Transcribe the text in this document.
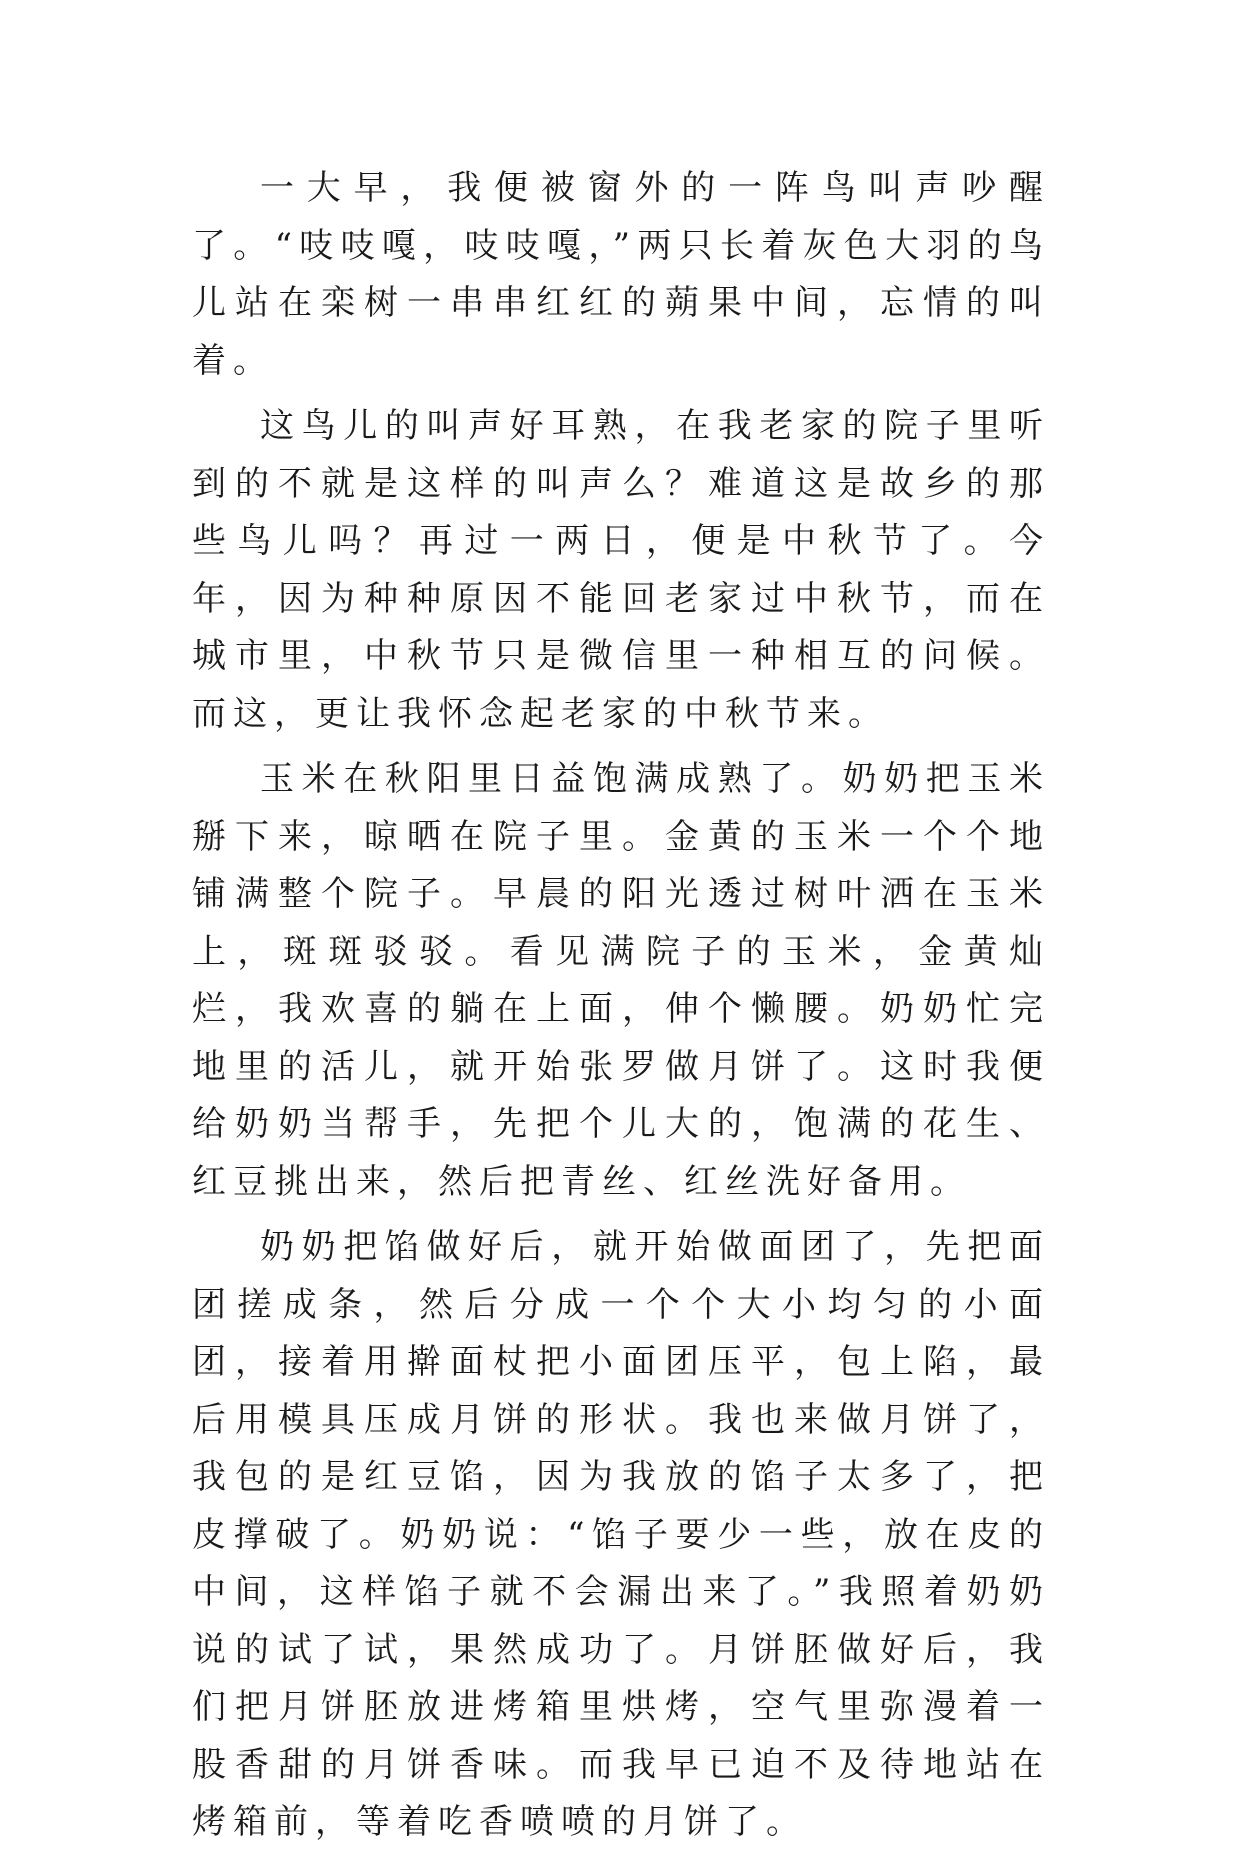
一大早，我便被窗外的一阵鸟叫声吵醒了。“吱吱嘎，吱吱嘎，”两只长着灰色大羽的鸟儿站在栾树一串串红红的蒴果中间，忘情的叫着。

这鸟儿的叫声好耳熟，在我老家的院子里听到的不就是这样的叫声么？难道这是故乡的那些鸟儿吗？再过一两日，便是中秋节了。今年，因为种种原因不能回老家过中秋节，而在城市里，中秋节只是微信里一种相互的问候。而这，更让我怀念起老家的中秋节来。

玉米在秋阳里日益饱满成熟了。奶奶把玉米掰下来，晾晒在院子里。金黄的玉米一个个地铺满整个院子。早晨的阳光透过树叶洒在玉米上，斑斑驳驳。看见满院子的玉米，金黄灿烂，我欢喜的躺在上面，伸个懒腰。奶奶忙完地里的活儿，就开始张罗做月饼了。这时我便给奶奶当帮手，先把个儿大的，饱满的花生、红豆挑出来，然后把青丝、红丝洗好备用。

奶奶把馅做好后，就开始做面团了，先把面团搓成条，然后分成一个个大小均匀的小面团，接着用擀面杖把小面团压平，包上陷，最后用模具压成月饼的形状。我也来做月饼了，我包的是红豆馅，因为我放的馅子太多了，把皮撑破了。奶奶说：“馅子要少一些，放在皮的中间，这样馅子就不会漏出来了。”我照着奶奶说的试了试，果然成功了。月饼胚做好后，我们把月饼胚放进烤箱里烘烤，空气里弥漫着一股香甜的月饼香味。而我早已迫不及待地站在烤箱前，等着吃香喷喷的月饼了。
